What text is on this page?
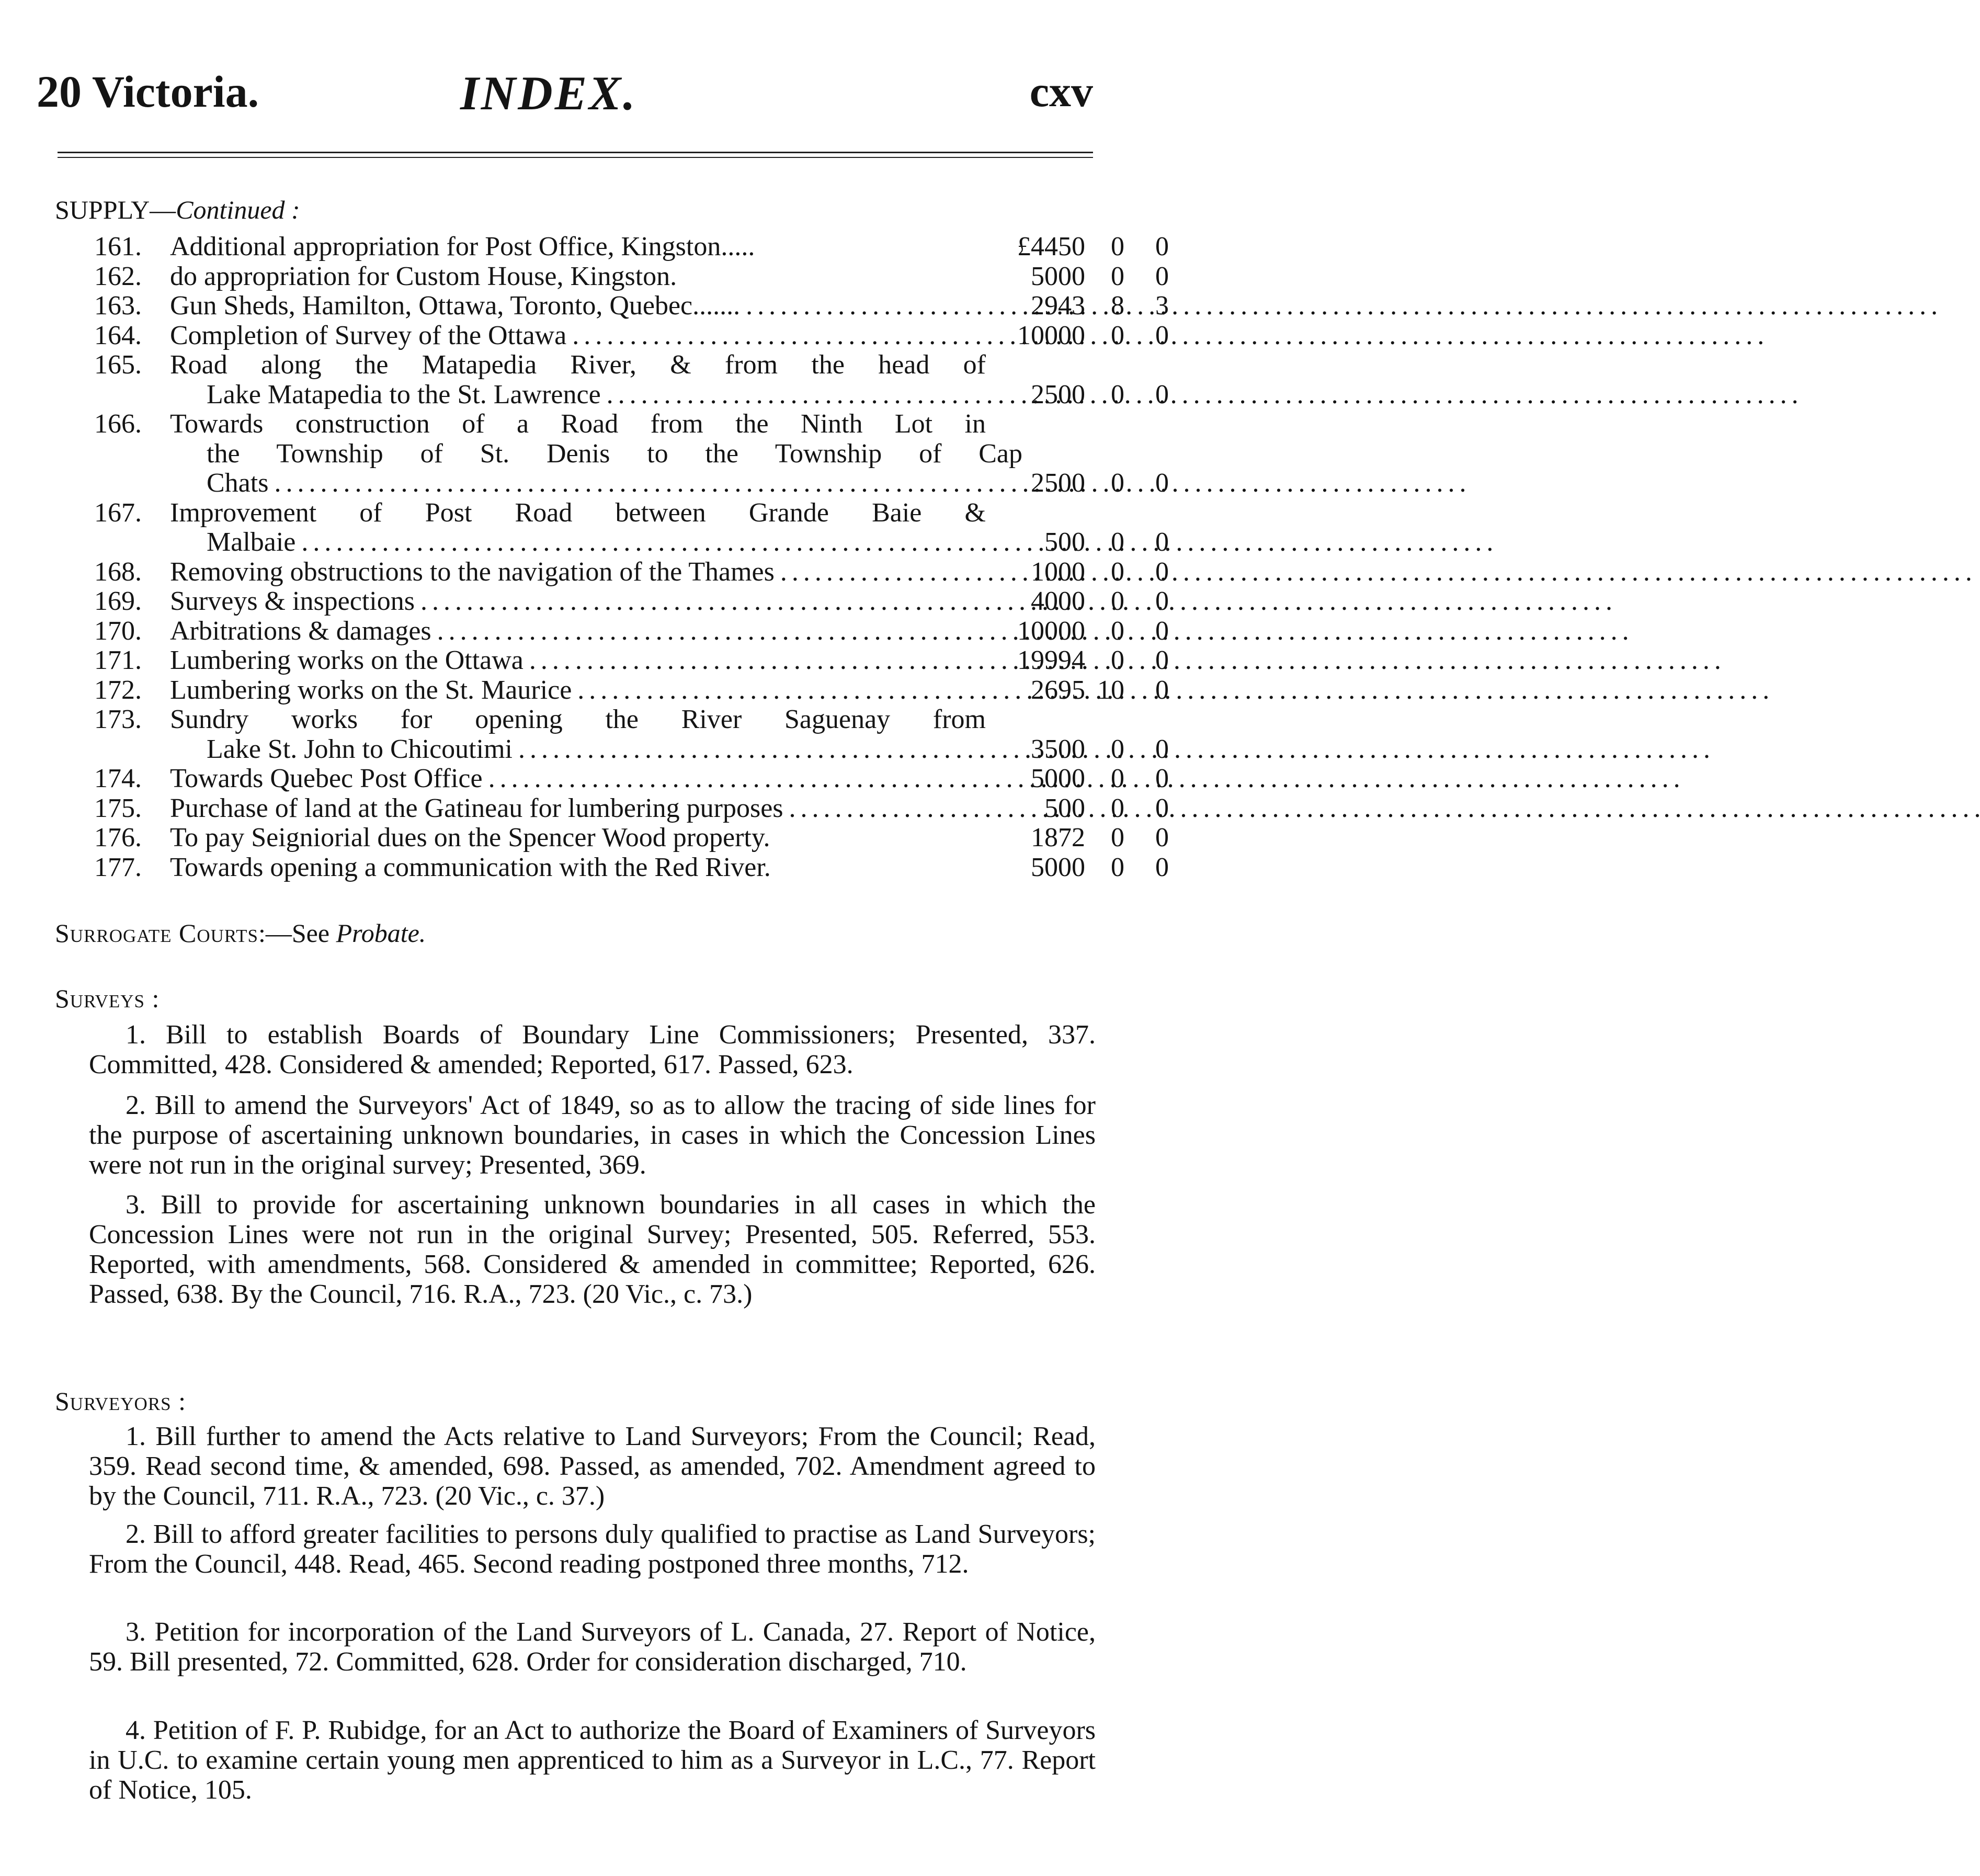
20 Victoria.	INDEX.	cxv
SUPPLY—Continued :
161.	Additional appropriation for Post Office, Kingston.....	£4450 0	0
162.	do appropriation for Custom House, Kingston.	5000 0	0
163.	Gun Sheds, Hamilton, Ottawa, Toronto, Quebec....... . . .	2943 8	3
164.	Completion of Survey of the Ottawa . . .	10000 0	0
165.	Road along the Matapedia River, & from the head of
Lake Matapedia to the St. Lawrence . . .	2500 0	0
166.	Towards construction of a Road from the Ninth Lot in
the Township of St. Denis to the Township of Cap
Chats . . .	2500 0	0
167.	Improvement of Post Road between Grande Baie &
Malbaie . . .	500 0	0
168.	Removing obstructions to the navigation of the Thames . . .	1000 0	0
169.	Surveys & inspections . . .	4000 0	0
170.	Arbitrations & damages . . .	10000 0	0
171.	Lumbering works on the Ottawa . . .	19994 0	0
172.	Lumbering works on the St. Maurice . . .	2695 10	0
173.	Sundry works for opening the River Saguenay from
Lake St. John to Chicoutimi . . .	3500 0	0
174.	Towards Quebec Post Office . . .	5000 0	0
175.	Purchase of land at the Gatineau for lumbering purposes . . .	500 0	0
176.	To pay Seigniorial dues on the Spencer Wood property.	1872 0	0
177.	Towards opening a communication with the Red River.	5000 0	0
Surrogate Courts:—See Probate.
Surveys :
1. Bill to establish Boards of Boundary Line Commissioners; Presented, 337. Committed, 428. Considered & amended; Reported, 617. Passed, 623.
2. Bill to amend the Surveyors' Act of 1849, so as to allow the tracing of side lines for the purpose of ascertaining unknown boundaries, in cases in which the Concession Lines were not run in the original survey; Presented, 369.
3. Bill to provide for ascertaining unknown boundaries in all cases in which the Concession Lines were not run in the original Survey; Presented, 505. Referred, 553. Reported, with amendments, 568. Considered & amended in committee; Reported, 626. Passed, 638. By the Council, 716. R.A., 723. (20 Vic., c. 73.)
Surveyors :
1. Bill further to amend the Acts relative to Land Surveyors; From the Council; Read, 359. Read second time, & amended, 698. Passed, as amended, 702. Amendment agreed to by the Council, 711. R.A., 723. (20 Vic., c. 37.)
2. Bill to afford greater facilities to persons duly qualified to practise as Land Surveyors; From the Council, 448. Read, 465. Second reading postponed three months, 712.
3. Petition for incorporation of the Land Surveyors of L. Canada, 27. Report of Notice, 59. Bill presented, 72. Committed, 628. Order for consideration discharged, 710.
4. Petition of F. P. Rubidge, for an Act to authorize the Board of Examiners of Surveyors in U.C. to examine certain young men apprenticed to him as a Surveyor in L.C., 77. Report of Notice, 105.
